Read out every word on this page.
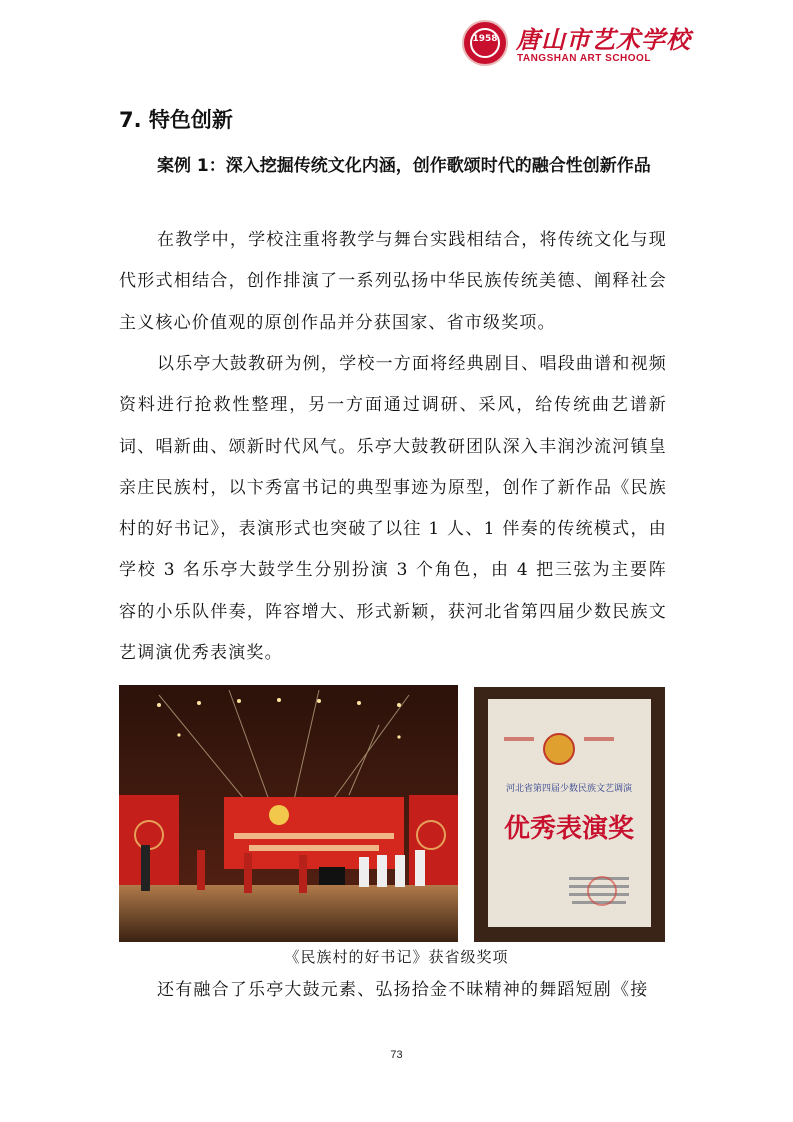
1958 唐山市艺术学校
TANGSHAN ART SCHOOL
7. 特色创新
案例 1：深入挖掘传统文化内涵，创作歌颂时代的融合性创新作品
在教学中，学校注重将教学与舞台实践相结合，将传统文化与现代形式相结合，创作排演了一系列弘扬中华民族传统美德、阐释社会主义核心价值观的原创作品并分获国家、省市级奖项。
以乐亭大鼓教研为例，学校一方面将经典剧目、唱段曲谱和视频资料进行抢救性整理，另一方面通过调研、采风，给传统曲艺谱新词、唱新曲、颂新时代风气。乐亭大鼓教研团队深入丰润沙流河镇皇亲庄民族村，以卞秀富书记的典型事迹为原型，创作了新作品《民族村的好书记》，表演形式也突破了以往 1 人、1 伴奏的传统模式，由学校 3 名乐亭大鼓学生分别扮演 3 个角色，由 4 把三弦为主要阵容的小乐队伴奏，阵容增大、形式新颖，获河北省第四届少数民族文艺调演优秀表演奖。
河北省第四届少数民族文艺调演
优秀表演奖
《民族村的好书记》获省级奖项
还有融合了乐亭大鼓元素、弘扬拾金不昧精神的舞蹈短剧《接
73
